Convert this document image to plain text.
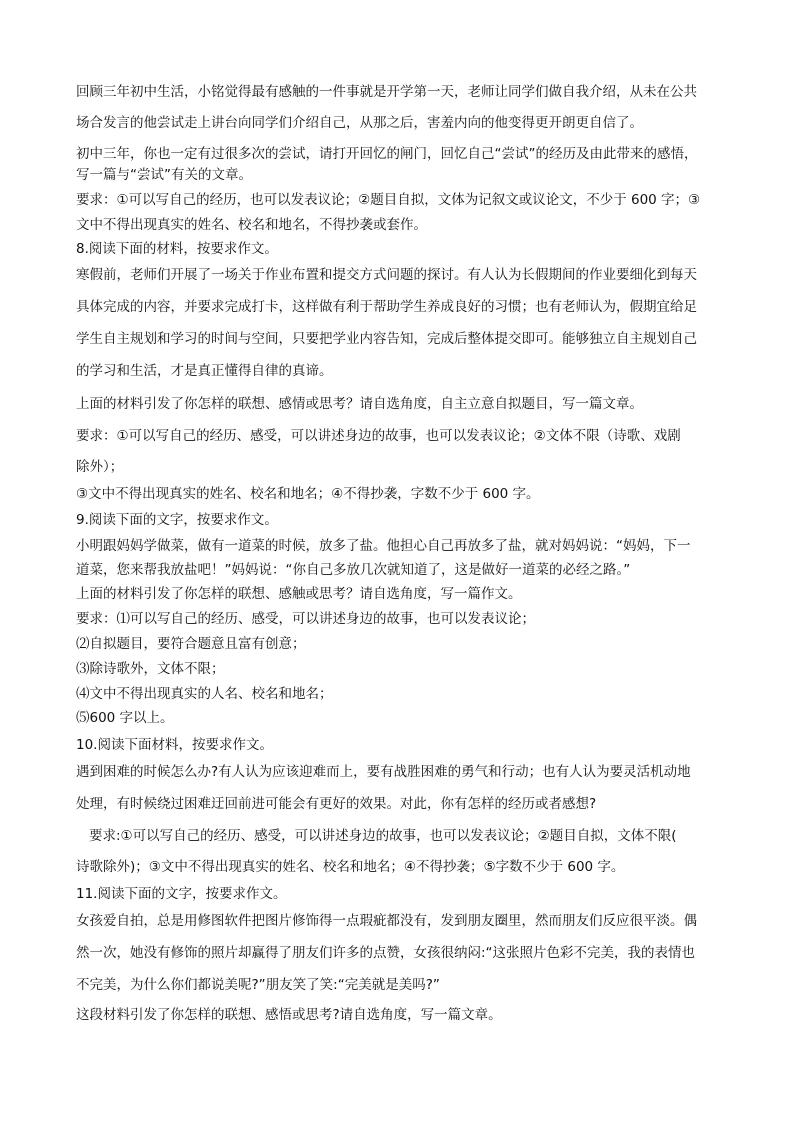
回顾三年初中生活，小铭觉得最有感触的一件事就是开学第一天，老师让同学们做自我介绍，从未在公共
场合发言的他尝试走上讲台向同学们介绍自己，从那之后，害羞内向的他变得更开朗更自信了。
初中三年，你也一定有过很多次的尝试，请打开回忆的闸门，回忆自己“尝试”的经历及由此带来的感悟，
写一篇与“尝试”有关的文章。
要求：①可以写自己的经历，也可以发表议论；②题目自拟，文体为记叙文或议论文，不少于 600 字；③
文中不得出现真实的姓名、校名和地名，不得抄袭或套作。
8.阅读下面的材料，按要求作文。
寒假前，老师们开展了一场关于作业布置和提交方式问题的探讨。有人认为长假期间的作业要细化到每天
具体完成的内容，并要求完成打卡，这样做有利于帮助学生养成良好的习惯；也有老师认为，假期宜给足
学生自主规划和学习的时间与空间，只要把学业内容告知，完成后整体提交即可。能够独立自主规划自己
的学习和生活，才是真正懂得自律的真谛。
上面的材料引发了你怎样的联想、感情或思考？请自选角度，自主立意自拟题目，写一篇文章。
要求：①可以写自己的经历、感受，可以讲述身边的故事，也可以发表议论；②文体不限（诗歌、戏剧
除外）；
③文中不得出现真实的姓名、校名和地名；④不得抄袭，字数不少于 600 字。
9.阅读下面的文字，按要求作文。
小明跟妈妈学做菜，做有一道菜的时候，放多了盐。他担心自己再放多了盐，就对妈妈说：“妈妈，下一
道菜，您来帮我放盐吧！”妈妈说：“你自己多放几次就知道了，这是做好一道菜的必经之路。”
上面的材料引发了你怎样的联想、感触或思考？请自选角度，写一篇作文。
要求：⑴可以写自己的经历、感受，可以讲述身边的故事，也可以发表议论；
⑵自拟题目，要符合题意且富有创意；
⑶除诗歌外，文体不限；
⑷文中不得出现真实的人名、校名和地名；
⑸600 字以上。
10.阅读下面材料，按要求作文。
遇到困难的时候怎么办?有人认为应该迎难而上，要有战胜困难的勇气和行动；也有人认为要灵活机动地
处理，有时候绕过困难迂回前进可能会有更好的效果。对此，你有怎样的经历或者感想?
要求:①可以写自己的经历、感受，可以讲述身边的故事，也可以发表议论；②题目自拟，文体不限(
诗歌除外)；③文中不得出现真实的姓名、校名和地名；④不得抄袭；⑤字数不少于 600 字。
11.阅读下面的文字，按要求作文。
女孩爱自拍，总是用修图软件把图片修饰得一点瑕疵都没有，发到朋友圈里，然而朋友们反应很平淡。偶
然一次，她没有修饰的照片却赢得了朋友们许多的点赞，女孩很纳闷:“这张照片色彩不完美，我的表情也
不完美，为什么你们都说美呢?”朋友笑了笑:“完美就是美吗?”
这段材料引发了你怎样的联想、感悟或思考?请自选角度，写一篇文章。
